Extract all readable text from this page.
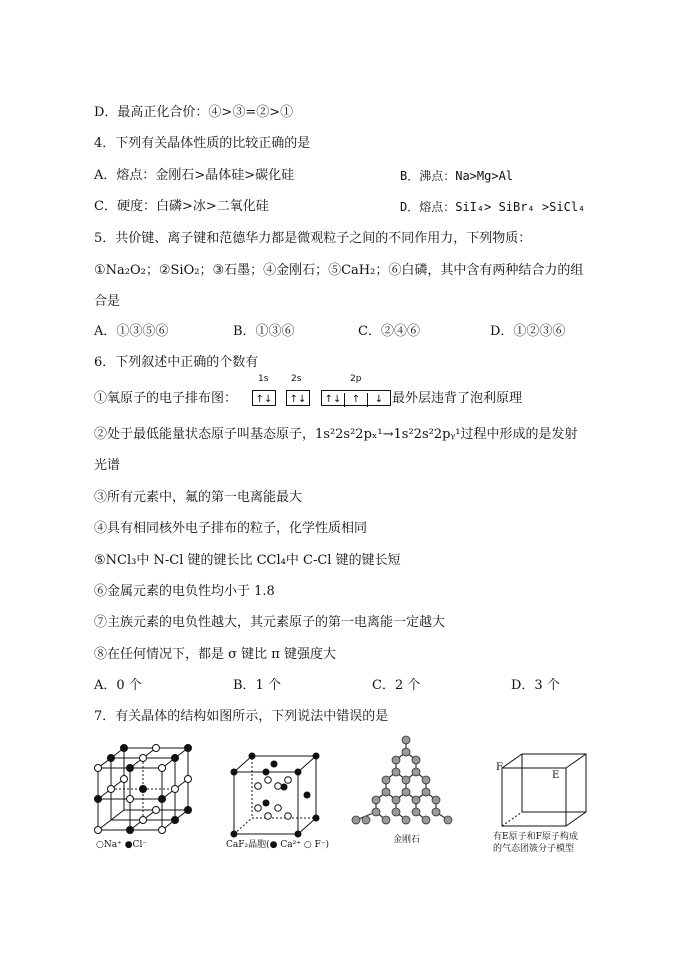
D．最高正化合价：④>③=②>①
4．下列有关晶体性质的比较正确的是
A．熔点：金刚石>晶体硅>碳化硅	B．沸点：Na>Mg>Al
C．硬度：白磷>冰>二氧化硅	D．熔点：SiI₄> SiBr₄ >SiCl₄
5．共价键、离子键和范德华力都是微观粒子之间的不同作用力，下列物质：
①Na₂O₂；②SiO₂；③石墨；④金刚石；⑤CaH₂；⑥白磷，其中含有两种结合力的组
合是
A．①③⑤⑥	B．①③⑥	C．②④⑥	D．①②③⑥
6．下列叙述中正确的个数有
①氧原子的电子排布图：
1s	2s	2p
↑↓	↑↓	↑↓ ↑ ↓ 最外层违背了泡利原理
②处于最低能量状态原子叫基态原子，1s²2s²2pₓ¹→1s²2s²2pᵧ¹过程中形成的是发射
光谱
③所有元素中，氟的第一电离能最大
④具有相同核外电子排布的粒子，化学性质相同
⑤NCl₃中 N-Cl 键的键长比 CCl₄中 C-Cl 键的键长短
⑥金属元素的电负性均小于 1.8
⑦主族元素的电负性越大，其元素原子的第一电离能一定越大
⑧在任何情况下，都是 σ 键比 π 键强度大
A．0 个	B．1 个	C．2 个	D．3 个
7．有关晶体的结构如图所示，下列说法中错误的是
○Na⁺ ●Cl⁻	CaF₂晶胞(● Ca²⁺ ○ F⁻)	金刚石
F
E
有E原子和F原子构成
的气态团簇分子模型
